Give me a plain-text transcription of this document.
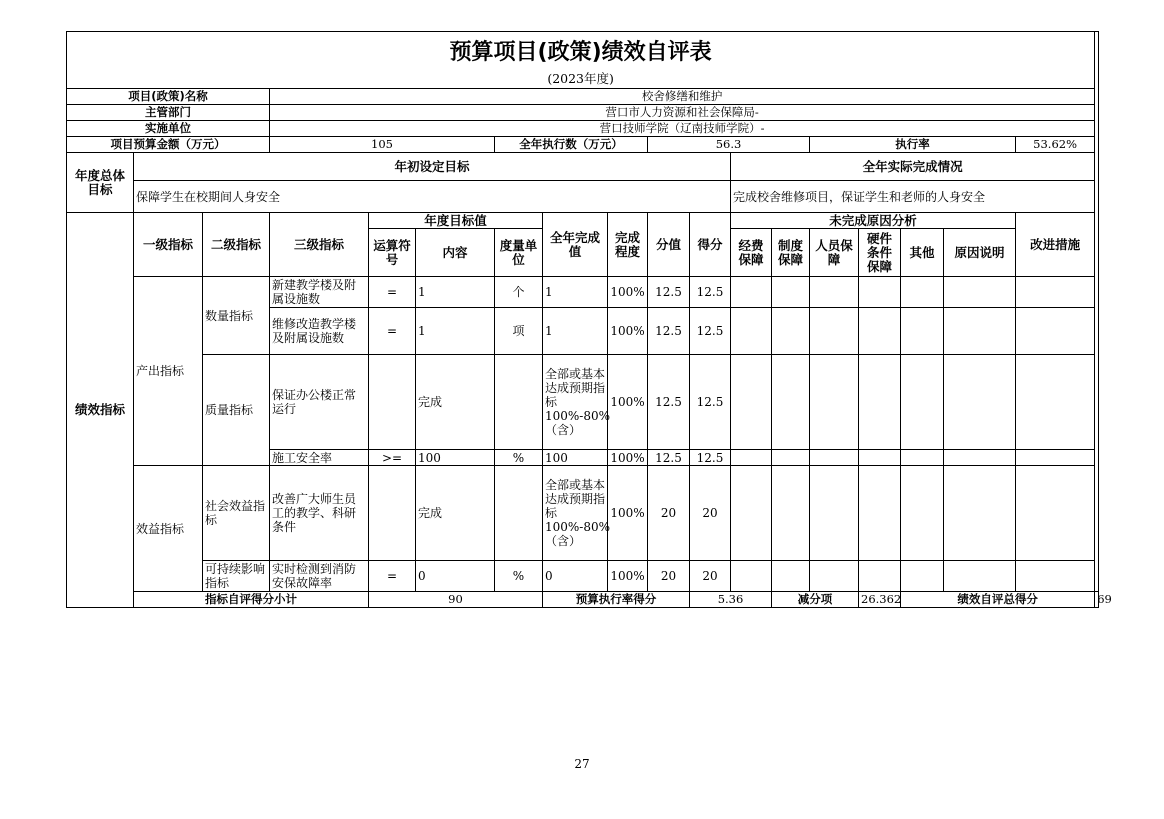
预算项目(政策)绩效自评表																		
(2023年度)																		
项目(政策)名称			校舍修缮和维护															
主管部门			营口市人力资源和社会保障局-															
实施单位			营口技师学院（辽南技师学院）-															
项目预算金额（万元）			105			全年执行数（万元）			56.3				执行率				53.62%	
年度总体目标	年初设定目标										全年实际完成情况							
	保障学生在校期间人身安全										完成校舍维修项目，保证学生和老师的人身安全							
绩效指标	一级指标	二级指标	三级指标	年度目标值			全年完成值	完成程度	分值	得分	未完成原因分析						改进措施	
				运算符号	内容	度量单位					经费保障	制度保障	人员保障	硬件条件保障	其他	原因说明		
	产出指标	数量指标	新建教学楼及附属设施数	=	1	个	1	100%	12.5	12.5								
			维修改造教学楼及附属设施数	=	1	项	1	100%	12.5	12.5								
		质量指标	保证办公楼正常运行		完成		全部或基本达成预期指标100%-80%（含）	100%	12.5	12.5								
			施工安全率	>=	100	%	100	100%	12.5	12.5								
	效益指标	社会效益指标	改善广大师生员工的教学、科研条件		完成		全部或基本达成预期指标100%-80%（含）	100%	20	20								
		可持续影响指标	实时检测到消防安保故障率	=	0	%	0	100%	20	20								
	指标自评得分小计			90			预算执行率得分			5.36		减分项		26.362	绩效自评总得分			69
27
